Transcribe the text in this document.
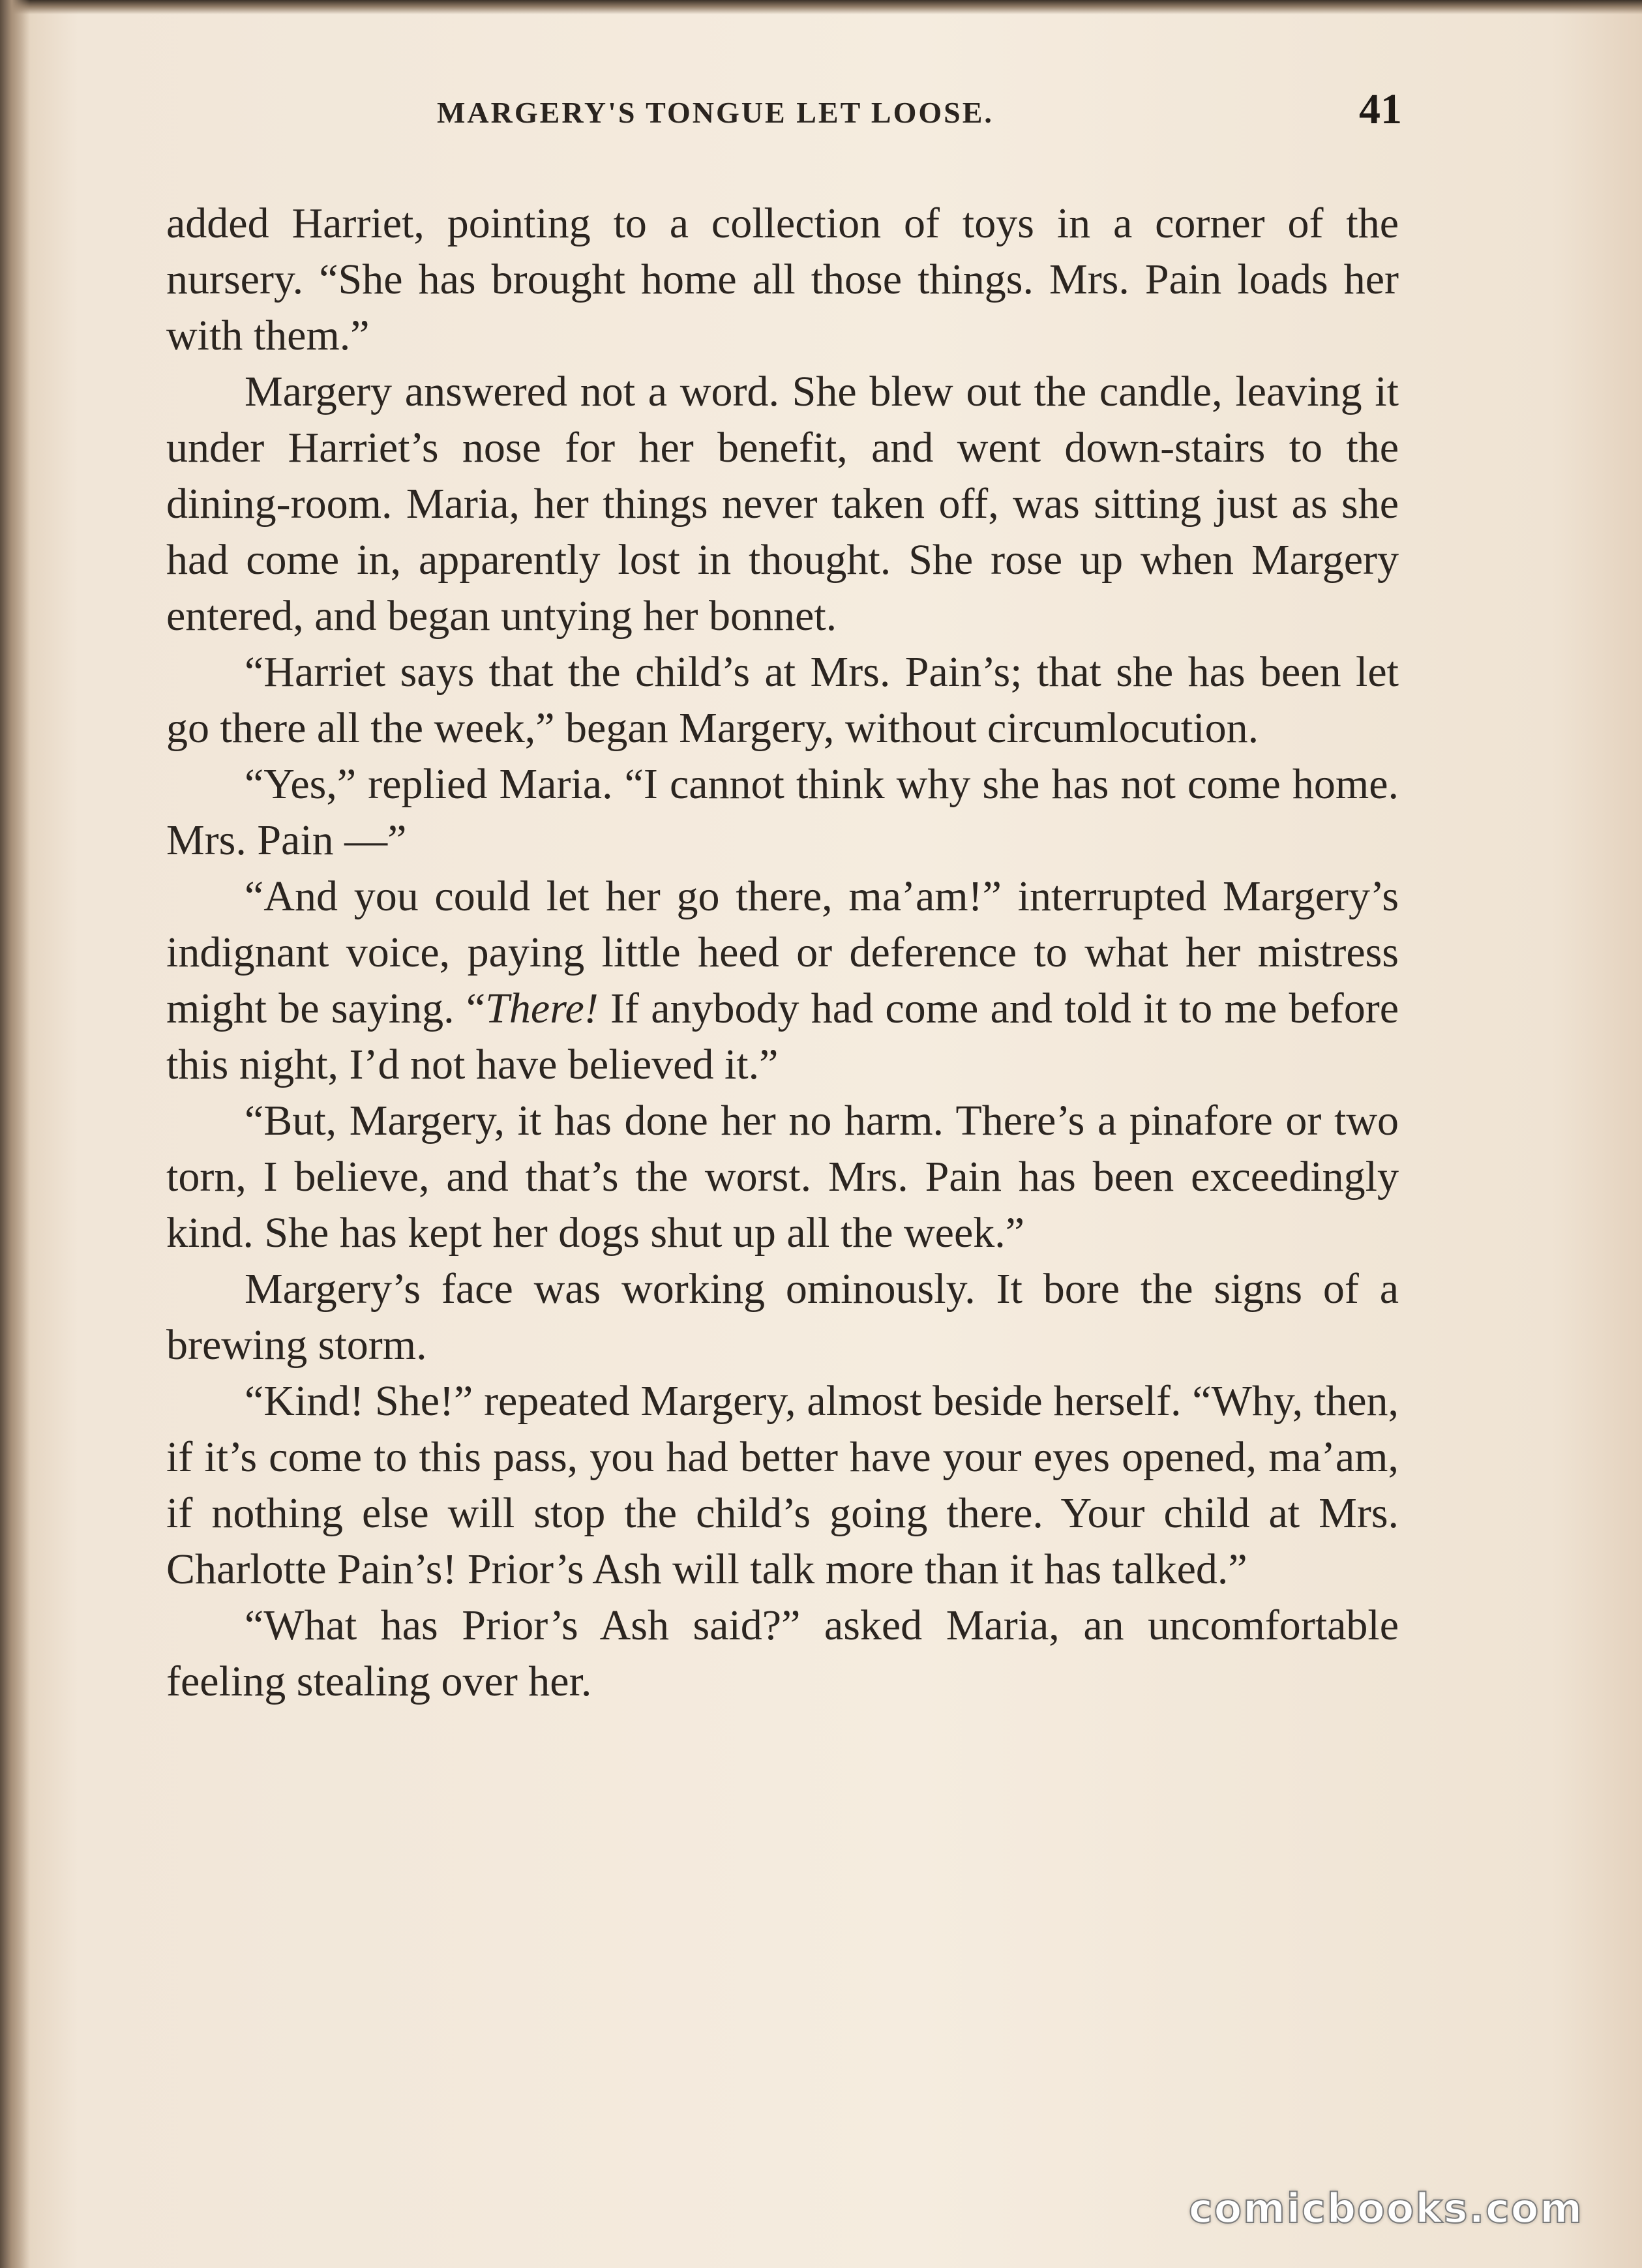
MARGERY'S TONGUE LET LOOSE.	41

added Harriet, pointing to a collection of toys in a corner of the nursery. “She has brought home all those things. Mrs. Pain loads her with them.”

Margery answered not a word. She blew out the candle, leaving it under Harriet’s nose for her benefit, and went down-stairs to the dining-room. Maria, her things never taken off, was sitting just as she had come in, apparently lost in thought. She rose up when Margery entered, and began untying her bonnet.

“Harriet says that the child’s at Mrs. Pain’s; that she has been let go there all the week,” began Margery, without circumlocution.

“Yes,” replied Maria. “I cannot think why she has not come home. Mrs. Pain —”

“And you could let her go there, ma’am!” interrupted Margery’s indignant voice, paying little heed or deference to what her mistress might be saying. “There! If anybody had come and told it to me before this night, I’d not have believed it.”

“But, Margery, it has done her no harm. There’s a pinafore or two torn, I believe, and that’s the worst. Mrs. Pain has been exceedingly kind. She has kept her dogs shut up all the week.”

Margery’s face was working ominously. It bore the signs of a brewing storm.

“Kind! She!” repeated Margery, almost beside herself. “Why, then, if it’s come to this pass, you had better have your eyes opened, ma’am, if nothing else will stop the child’s going there. Your child at Mrs. Charlotte Pain’s! Prior’s Ash will talk more than it has talked.”

“What has Prior’s Ash said?” asked Maria, an uncomfortable feeling stealing over her.

comicbooks.com
